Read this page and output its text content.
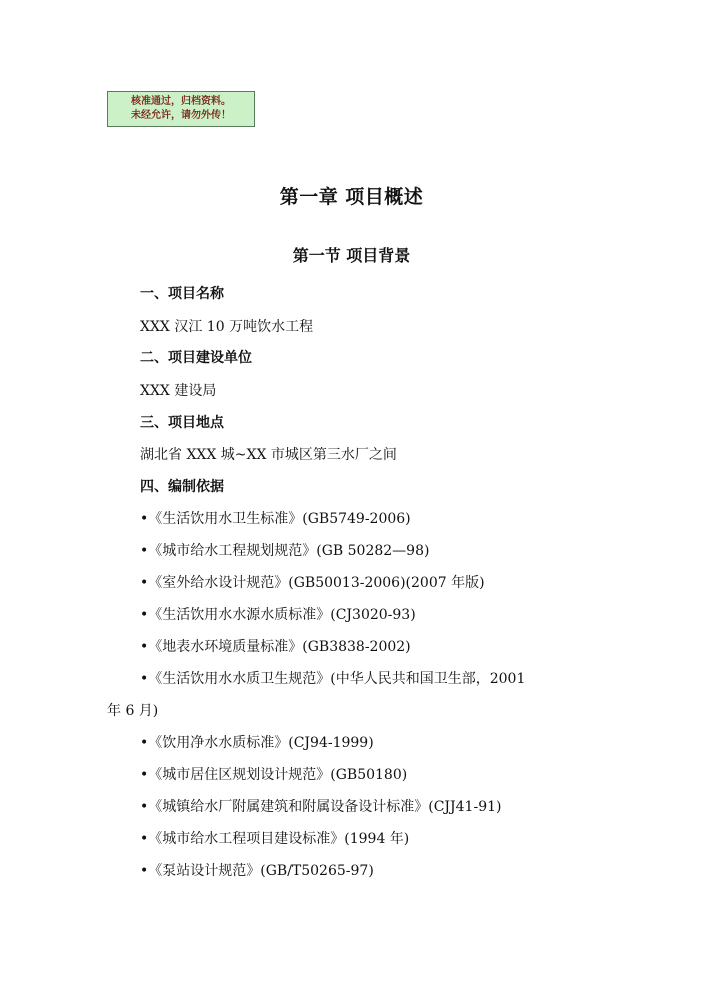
核准通过，归档资料。
未经允许，请勿外传！
第一章 项目概述
第一节 项目背景
一、项目名称
XXX 汉江 10 万吨饮水工程
二、项目建设单位
XXX 建设局
三、项目地点
湖北省 XXX 城~XX 市城区第三水厂之间
四、编制依据
•《生活饮用水卫生标准》(GB5749-2006)
•《城市给水工程规划规范》(GB 50282—98)
•《室外给水设计规范》(GB50013-2006)(2007 年版)
•《生活饮用水水源水质标准》(CJ3020-93)
•《地表水环境质量标准》(GB3838-2002)
•《生活饮用水水质卫生规范》(中华人民共和国卫生部，2001
年 6 月)
•《饮用净水水质标准》(CJ94-1999)
•《城市居住区规划设计规范》(GB50180)
•《城镇给水厂附属建筑和附属设备设计标准》(CJJ41-91)
•《城市给水工程项目建设标准》(1994 年)
•《泵站设计规范》(GB/T50265-97)
